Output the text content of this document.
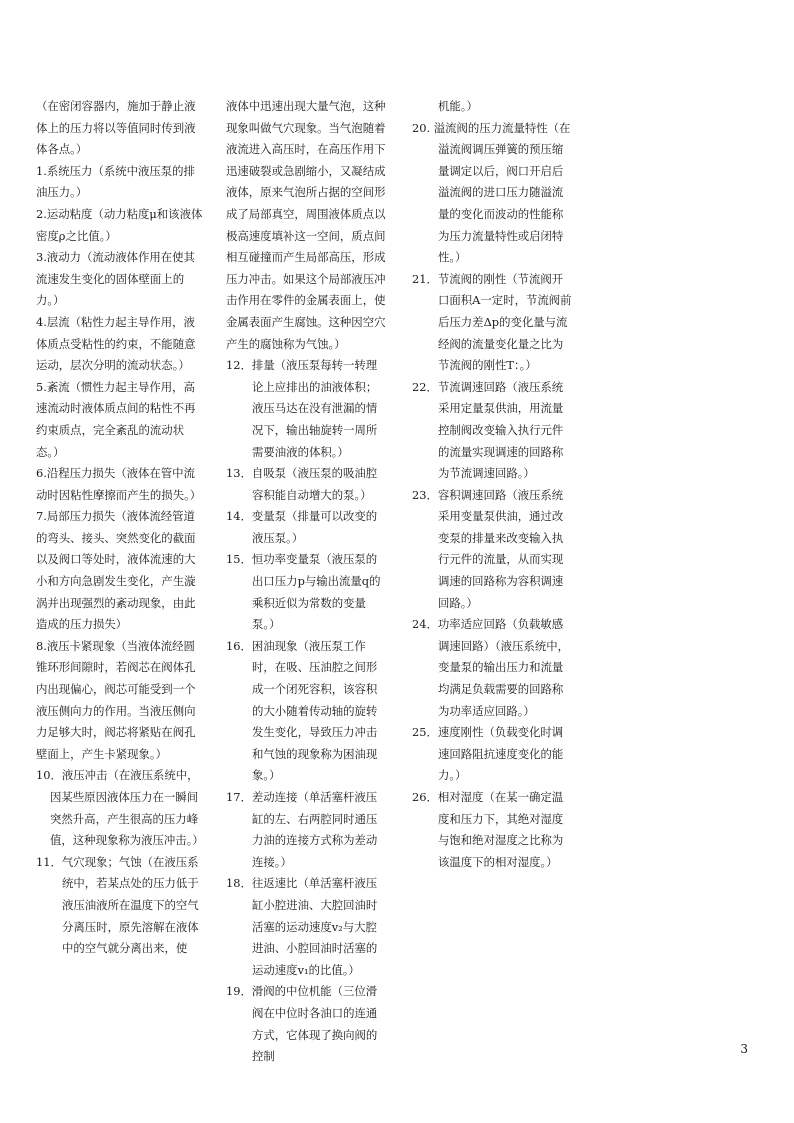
（在密闭容器内，施加于静止液体上的压力将以等值同时传到液体各点。）

1.系统压力（系统中液压泵的排油压力。）

2.运动粘度（动力粘度μ和该液体密度ρ之比值。）

3.液动力（流动液体作用在使其流速发生变化的固体壁面上的力。）

4.层流（粘性力起主导作用，液体质点受粘性的约束，不能随意运动，层次分明的流动状态。）

5.紊流（惯性力起主导作用，高速流动时液体质点间的粘性不再约束质点，完全紊乱的流动状态。）

6.沿程压力损失（液体在管中流动时因粘性摩擦而产生的损失。）

7.局部压力损失（液体流经管道的弯头、接头、突然变化的截面以及阀口等处时，液体流速的大小和方向急剧发生变化，产生漩涡并出现强烈的紊动现象，由此造成的压力损失）

8.液压卡紧现象（当液体流经圆锥环形间隙时，若阀芯在阀体孔内出现偏心，阀芯可能受到一个液压侧向力的作用。当液压侧向力足够大时，阀芯将紧贴在阀孔壁面上，产生卡紧现象。）

10．液压冲击（在液压系统中，因某些原因液体压力在一瞬间突然升高，产生很高的压力峰值，这种现象称为液压冲击。）

11．气穴现象；气蚀（在液压系统中，若某点处的压力低于液压油液所在温度下的空气分离压时，原先溶解在液体中的空气就分离出来，使

液体中迅速出现大量气泡，这种现象叫做气穴现象。当气泡随着液流进入高压时，在高压作用下迅速破裂或急剧缩小，又凝结成液体，原来气泡所占据的空间形成了局部真空，周围液体质点以极高速度填补这一空间，质点间相互碰撞而产生局部高压，形成压力冲击。如果这个局部液压冲击作用在零件的金属表面上，使金属表面产生腐蚀。这种因空穴产生的腐蚀称为气蚀。）

12．排量（液压泵每转一转理论上应排出的油液体积；液压马达在没有泄漏的情况下，输出轴旋转一周所需要油液的体积。）

13．自吸泵（液压泵的吸油腔容积能自动增大的泵。）

14．变量泵（排量可以改变的液压泵。）

15．恒功率变量泵（液压泵的出口压力p与输出流量q的乘积近似为常数的变量泵。）

16．困油现象（液压泵工作时，在吸、压油腔之间形成一个闭死容积，该容积的大小随着传动轴的旋转发生变化，导致压力冲击和气蚀的现象称为困油现象。）

17．差动连接（单活塞杆液压缸的左、右两腔同时通压力油的连接方式称为差动连接。）

18．往返速比（单活塞杆液压缸小腔进油、大腔回油时活塞的运动速度v₂与大腔进油、小腔回油时活塞的运动速度v₁的比值。）

19．滑阀的中位机能（三位滑阀在中位时各油口的连通方式，它体现了换向阀的控制

机能。）

20. 溢流阀的压力流量特性（在溢流阀调压弹簧的预压缩量调定以后，阀口开启后溢流阀的进口压力随溢流量的变化而波动的性能称为压力流量特性或启闭特性。）

21．节流阀的刚性（节流阀开口面积A一定时，节流阀前后压力差Δp的变化量与流经阀的流量变化量之比为节流阀的刚性T：。）

22．节流调速回路（液压系统采用定量泵供油，用流量控制阀改变输入执行元件的流量实现调速的回路称为节流调速回路。）

23．容积调速回路（液压系统采用变量泵供油，通过改变泵的排量来改变输入执行元件的流量，从而实现调速的回路称为容积调速回路。）

24．功率适应回路（负载敏感调速回路）（液压系统中，变量泵的输出压力和流量均满足负载需要的回路称为功率适应回路。）

25．速度刚性（负载变化时调速回路阻抗速度变化的能力。）

26．相对湿度（在某一确定温度和压力下，其绝对湿度与饱和绝对湿度之比称为该温度下的相对湿度。）

3
